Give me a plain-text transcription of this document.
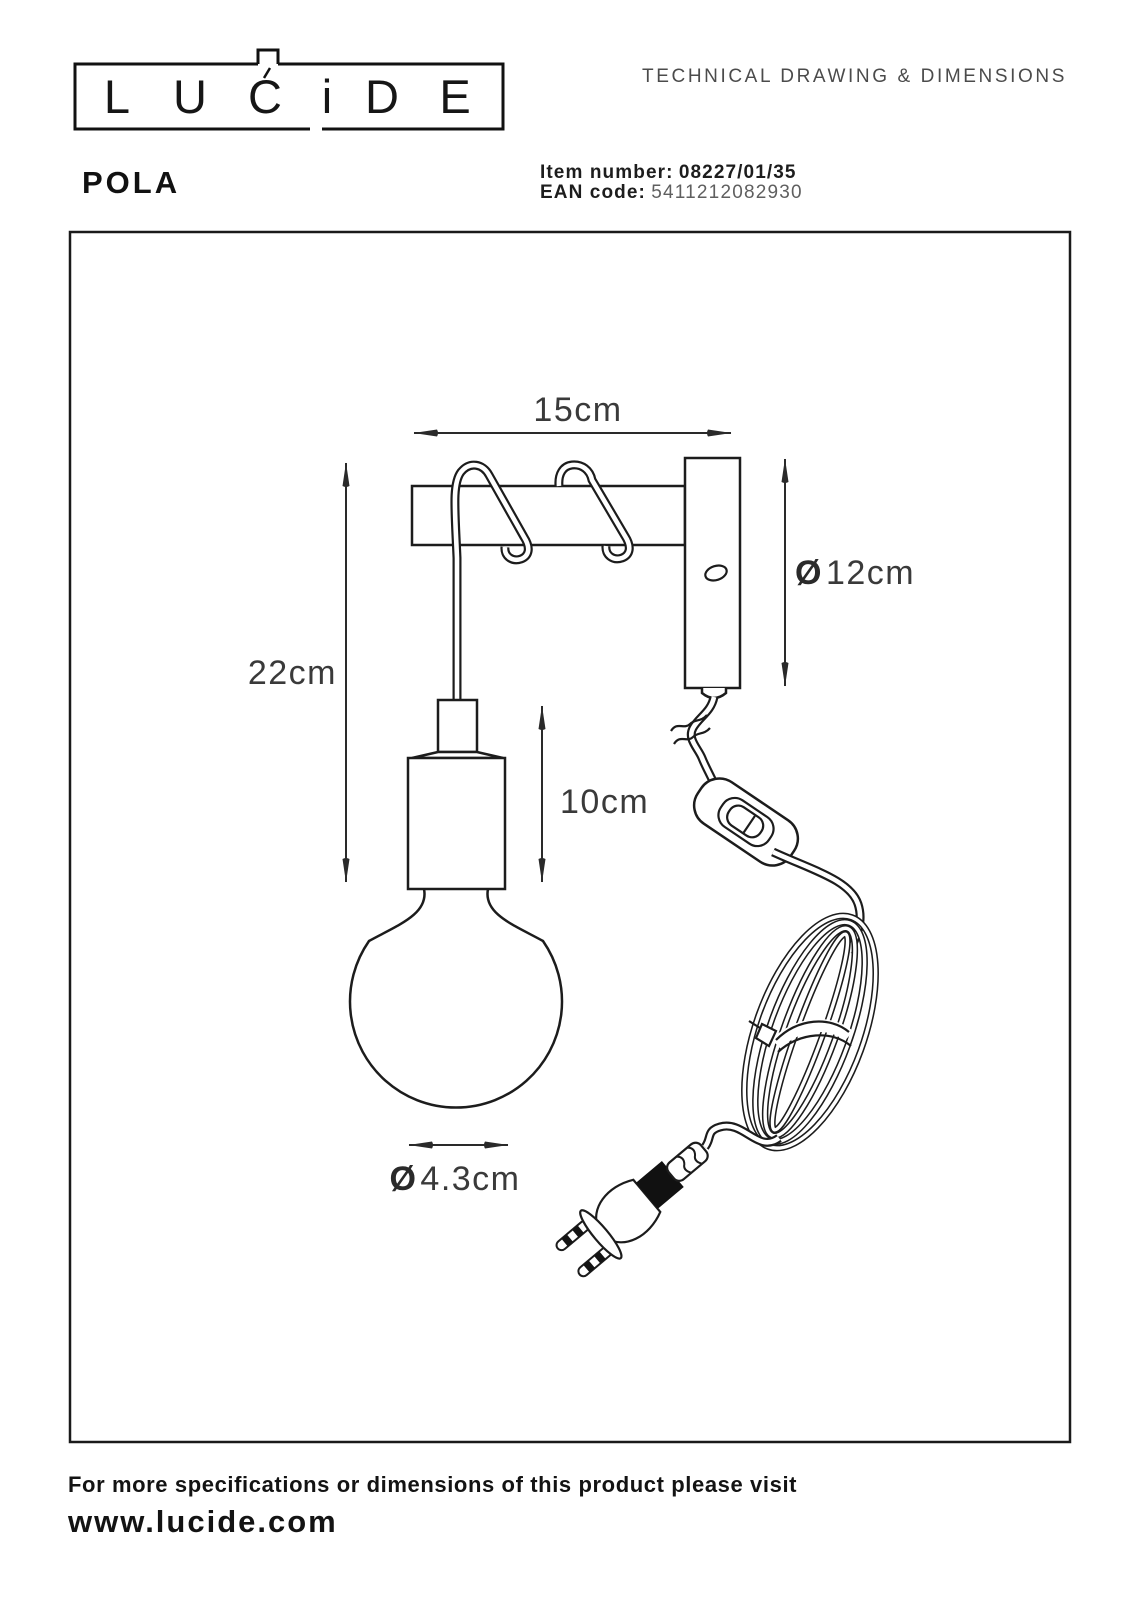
L U C i D E
15cm
22cm
10cm
Ø12cm
Ø4.3cm
TECHNICAL DRAWING & DIMENSIONS
POLA	Item number: 08227/01/35
EAN code: 5411212082930
For more specifications or dimensions of this product please visit
www.lucide.com
